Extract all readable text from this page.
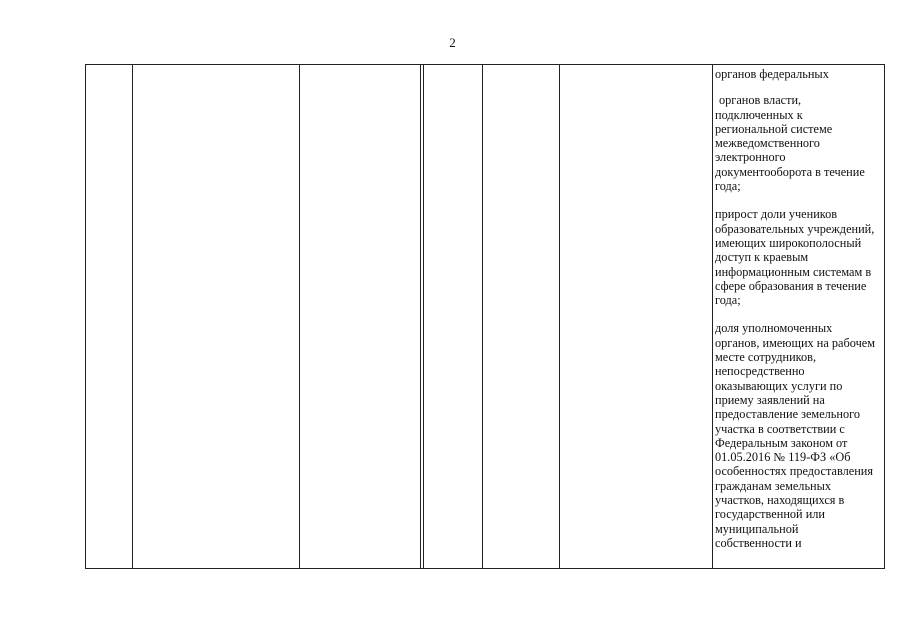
2

органов федеральных

органов власти, подключенных к региональной системе межведомственного электронного документооборота в течение года;

прирост доли учеников образовательных учреждений, имеющих широкополосный доступ к краевым информационным системам в сфере образования в течение года;

доля уполномоченных органов, имеющих на рабочем месте сотрудников, непосредственно оказывающих услуги по приему заявлений на предоставление земельного участка в соответствии с Федеральным законом от 01.05.2016 № 119-ФЗ «Об особенностях предоставления гражданам земельных участков, находящихся в государственной или муниципальной собственности и
